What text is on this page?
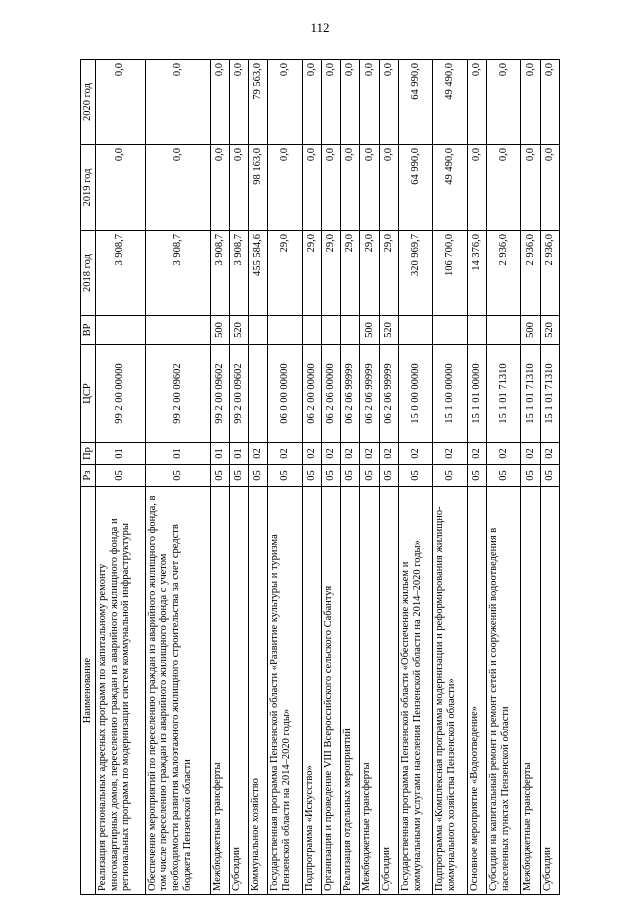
112
Наименование	Рз	Пр	ЦСР	ВР	2018 год	2019 год	2020 год
Реализация региональных адресных программ по капитальному ремонту многоквартирных домов, переселению граждан из аварийного жилищного фонда и региональных программ по модернизации систем коммунальной инфраструктуры	05	01	99 2 00 00000		3 908,7	0,0	0,0
Обеспечение мероприятий по переселению граждан из аварийного жилищного фонда, в том числе переселению граждан из аварийного жилищного фонда с учетом необходимости развития малоэтажного жилищного строительства за счет средств бюджета Пензенской области	05	01	99 2 00 09602		3 908,7	0,0	0,0
Межбюджетные трансферты	05	01	99 2 00 09602	500	3 908,7	0,0	0,0
Субсидии	05	01	99 2 00 09602	520	3 908,7	0,0	0,0
Коммунальное хозяйство	05	02			455 584,6	98 163,0	79 563,0
Государственная программа Пензенской области «Развитие культуры и туризма Пензенской области на 2014–2020 годы»	05	02	06 0 00 00000		29,0	0,0	0,0
Подпрограмма «Искусство»	05	02	06 2 00 00000		29,0	0,0	0,0
Организация и проведение VIII Всероссийского сельского Сабантуя	05	02	06 2 06 00000		29,0	0,0	0,0
Реализация отдельных мероприятий	05	02	06 2 06 99999		29,0	0,0	0,0
Межбюджетные трансферты	05	02	06 2 06 99999	500	29,0	0,0	0,0
Субсидии	05	02	06 2 06 99999	520	29,0	0,0	0,0
Государственная программа Пензенской области «Обеспечение жильем и коммунальными услугами населения Пензенской области на 2014–2020 годы»	05	02	15 0 00 00000		320 969,7	64 990,0	64 990,0
Подпрограмма «Комплексная программа модернизации и реформирования жилищно-коммунального хозяйства Пензенской области»	05	02	15 1 00 00000		106 700,0	49 490,0	49 490,0
Основное мероприятие «Водоотведение»	05	02	15 1 01 00000		14 376,0	0,0	0,0
Субсидии на капитальный ремонт и ремонт сетей и сооружений водоотведения в населенных пунктах Пензенской области	05	02	15 1 01 71310		2 936,0	0,0	0,0
Межбюджетные трансферты	05	02	15 1 01 71310	500	2 936,0	0,0	0,0
Субсидии	05	02	15 1 01 71310	520	2 936,0	0,0	0,0
